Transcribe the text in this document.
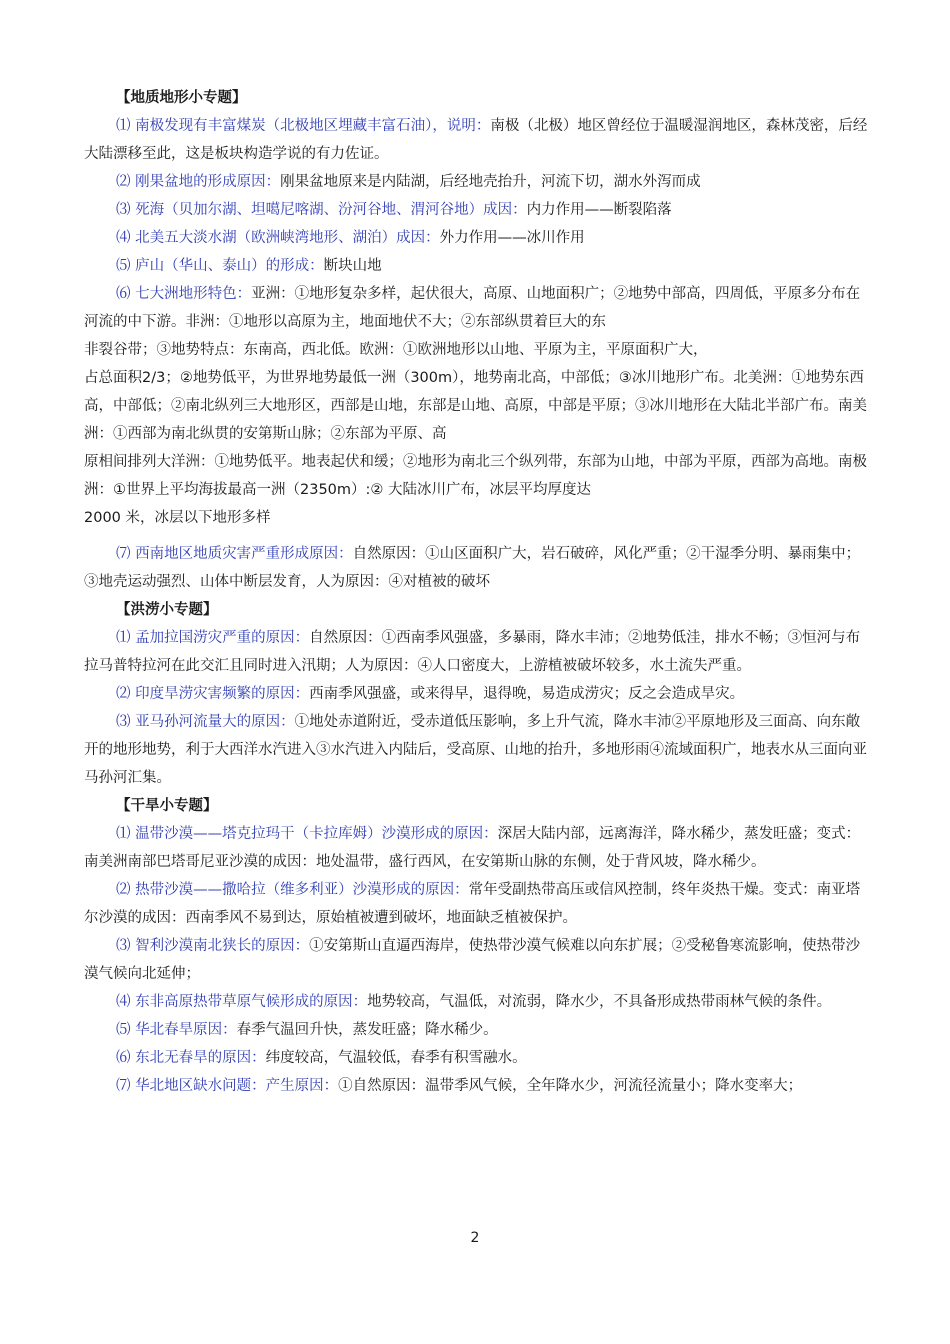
【地质地形小专题】

⑴ 南极发现有丰富煤炭（北极地区埋藏丰富石油），说明：南极（北极）地区曾经位于温暖湿润地区，森林茂密，后经大陆漂移至此，这是板块构造学说的有力佐证。

⑵ 刚果盆地的形成原因：刚果盆地原来是内陆湖，后经地壳抬升，河流下切，湖水外泻而成

⑶ 死海（贝加尔湖、坦噶尼喀湖、汾河谷地、渭河谷地）成因：内力作用——断裂陷落

⑷ 北美五大淡水湖（欧洲峡湾地形、湖泊）成因：外力作用——冰川作用

⑸ 庐山（华山、泰山）的形成：断块山地

⑹ 七大洲地形特色：亚洲：①地形复杂多样，起伏很大，高原、山地面积广；②地势中部高，四周低，平原多分布在河流的中下游。非洲：①地形以高原为主，地面地伏不大；②东部纵贯着巨大的东

非裂谷带；③地势特点：东南高，西北低。欧洲：①欧洲地形以山地、平原为主，平原面积广大，

占总面积2/3；②地势低平，为世界地势最低一洲（300m），地势南北高，中部低；③冰川地形广布。北美洲：①地势东西高，中部低；②南北纵列三大地形区，西部是山地，东部是山地、高原，中部是平原；③冰川地形在大陆北半部广布。南美洲：①西部为南北纵贯的安第斯山脉；②东部为平原、高

原相间排列大洋洲：①地势低平。地表起伏和缓；②地形为南北三个纵列带，东部为山地，中部为平原，西部为高地。南极洲：①世界上平均海拔最高一洲（2350m）:② 大陆冰川广布，冰层平均厚度达

2000 米，冰层以下地形多样

⑺ 西南地区地质灾害严重形成原因：自然原因：①山区面积广大，岩石破碎，风化严重；②干湿季分明、暴雨集中；③地壳运动强烈、山体中断层发育，人为原因：④对植被的破坏

【洪涝小专题】

⑴ 孟加拉国涝灾严重的原因：自然原因：①西南季风强盛，多暴雨，降水丰沛；②地势低洼，排水不畅；③恒河与布拉马普特拉河在此交汇且同时进入汛期；人为原因：④人口密度大，上游植被破坏较多，水土流失严重。

⑵ 印度旱涝灾害频繁的原因：西南季风强盛，或来得早，退得晚，易造成涝灾；反之会造成旱灾。

⑶ 亚马孙河流量大的原因：①地处赤道附近，受赤道低压影响，多上升气流，降水丰沛②平原地形及三面高、向东敞开的地形地势，利于大西洋水汽进入③水汽进入内陆后，受高原、山地的抬升，多地形雨④流域面积广，地表水从三面向亚马孙河汇集。

【干旱小专题】

⑴ 温带沙漠——塔克拉玛干（卡拉库姆）沙漠形成的原因：深居大陆内部，远离海洋，降水稀少，蒸发旺盛；变式：南美洲南部巴塔哥尼亚沙漠的成因：地处温带，盛行西风，在安第斯山脉的东侧，处于背风坡，降水稀少。

⑵ 热带沙漠——撒哈拉（维多利亚）沙漠形成的原因：常年受副热带高压或信风控制，终年炎热干燥。变式：南亚塔尔沙漠的成因：西南季风不易到达，原始植被遭到破坏，地面缺乏植被保护。

⑶ 智利沙漠南北狭长的原因：①安第斯山直逼西海岸，使热带沙漠气候难以向东扩展；②受秘鲁寒流影响，使热带沙漠气候向北延伸；

⑷ 东非高原热带草原气候形成的原因：地势较高，气温低，对流弱，降水少，不具备形成热带雨林气候的条件。

⑸ 华北春旱原因：春季气温回升快，蒸发旺盛；降水稀少。

⑹ 东北无春旱的原因：纬度较高，气温较低，春季有积雪融水。

⑺ 华北地区缺水问题：产生原因：①自然原因：温带季风气候，全年降水少，河流径流量小；降水变率大；

2
